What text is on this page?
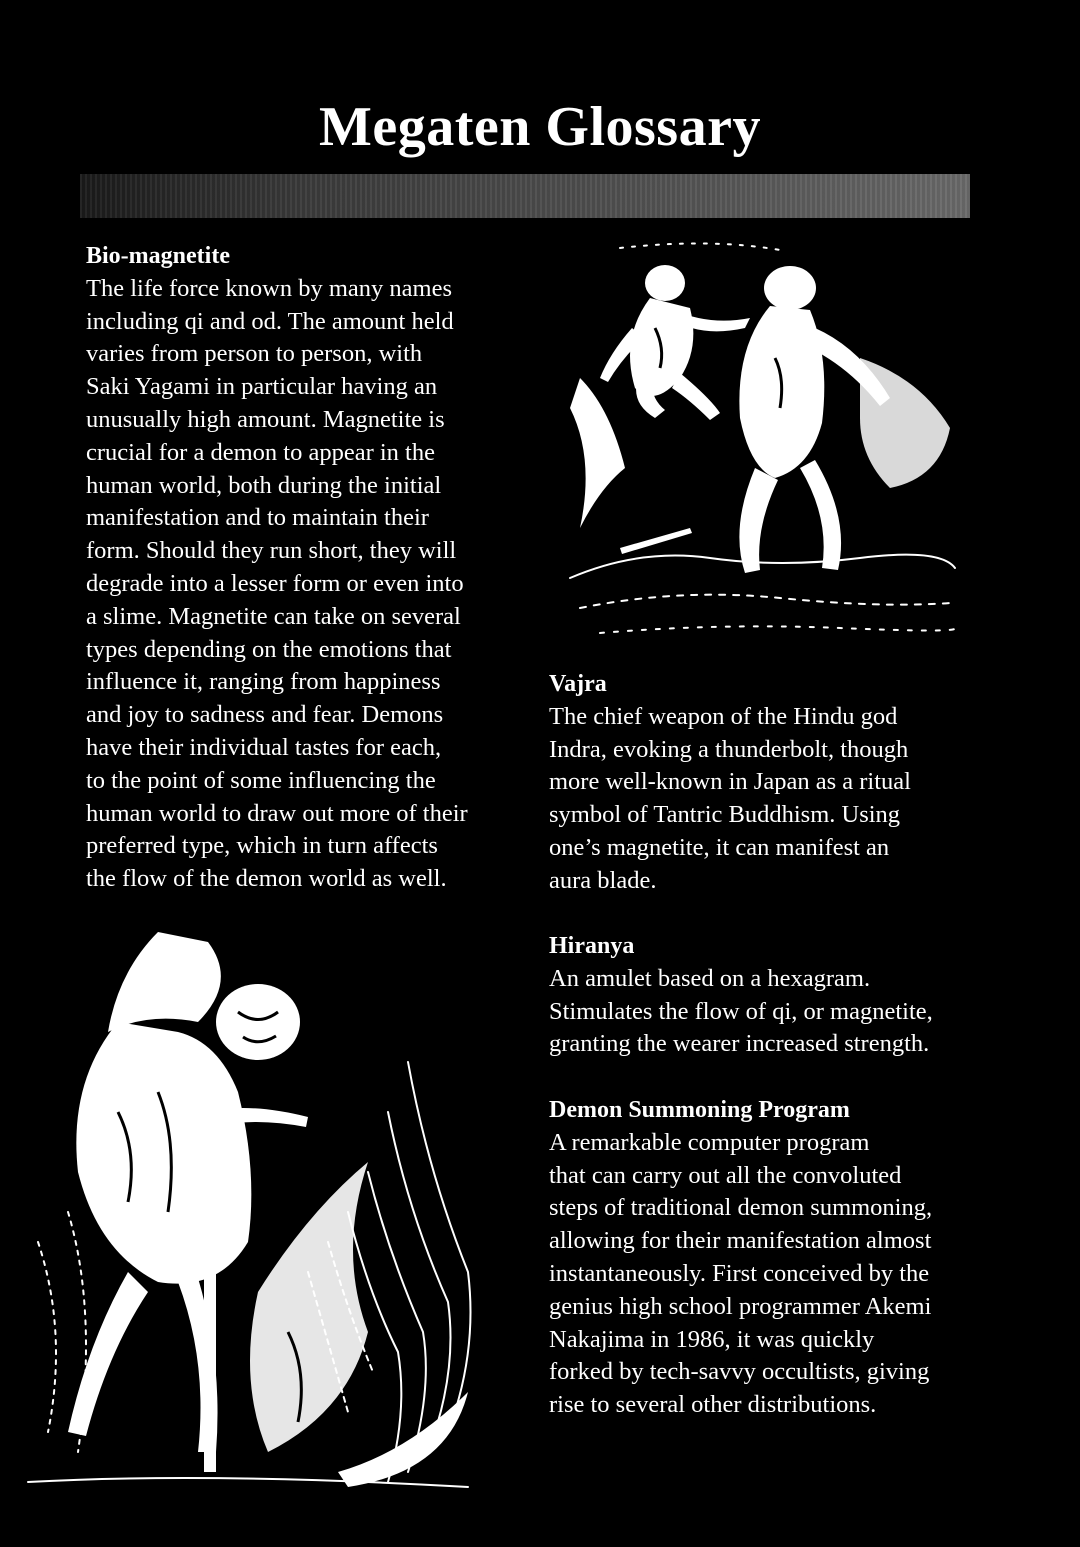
Megaten Glossary
Bio-magnetite
The life force known by many names
including qi and od. The amount held
varies from person to person, with
Saki Yagami in particular having an
unusually high amount. Magnetite is
crucial for a demon to appear in the
human world, both during the initial
manifestation and to maintain their
form. Should they run short, they will
degrade into a lesser form or even into
a slime. Magnetite can take on several
types depending on the emotions that
influence it, ranging from happiness
and joy to sadness and fear. Demons
have their individual tastes for each,
to the point of some influencing the
human world to draw out more of their
preferred type, which in turn affects
the flow of the demon world as well.
Vajra
The chief weapon of the Hindu god
Indra, evoking a thunderbolt, though
more well-known in Japan as a ritual
symbol of Tantric Buddhism. Using
one’s magnetite, it can manifest an
aura blade.
Hiranya
An amulet based on a hexagram.
Stimulates the flow of qi, or magnetite,
granting the wearer increased strength.
Demon Summoning Program
A remarkable computer program
that can carry out all the convoluted
steps of traditional demon summoning,
allowing for their manifestation almost
instantaneously. First conceived by the
genius high school programmer Akemi
Nakajima in 1986, it was quickly
forked by tech-savvy occultists, giving
rise to several other distributions.
